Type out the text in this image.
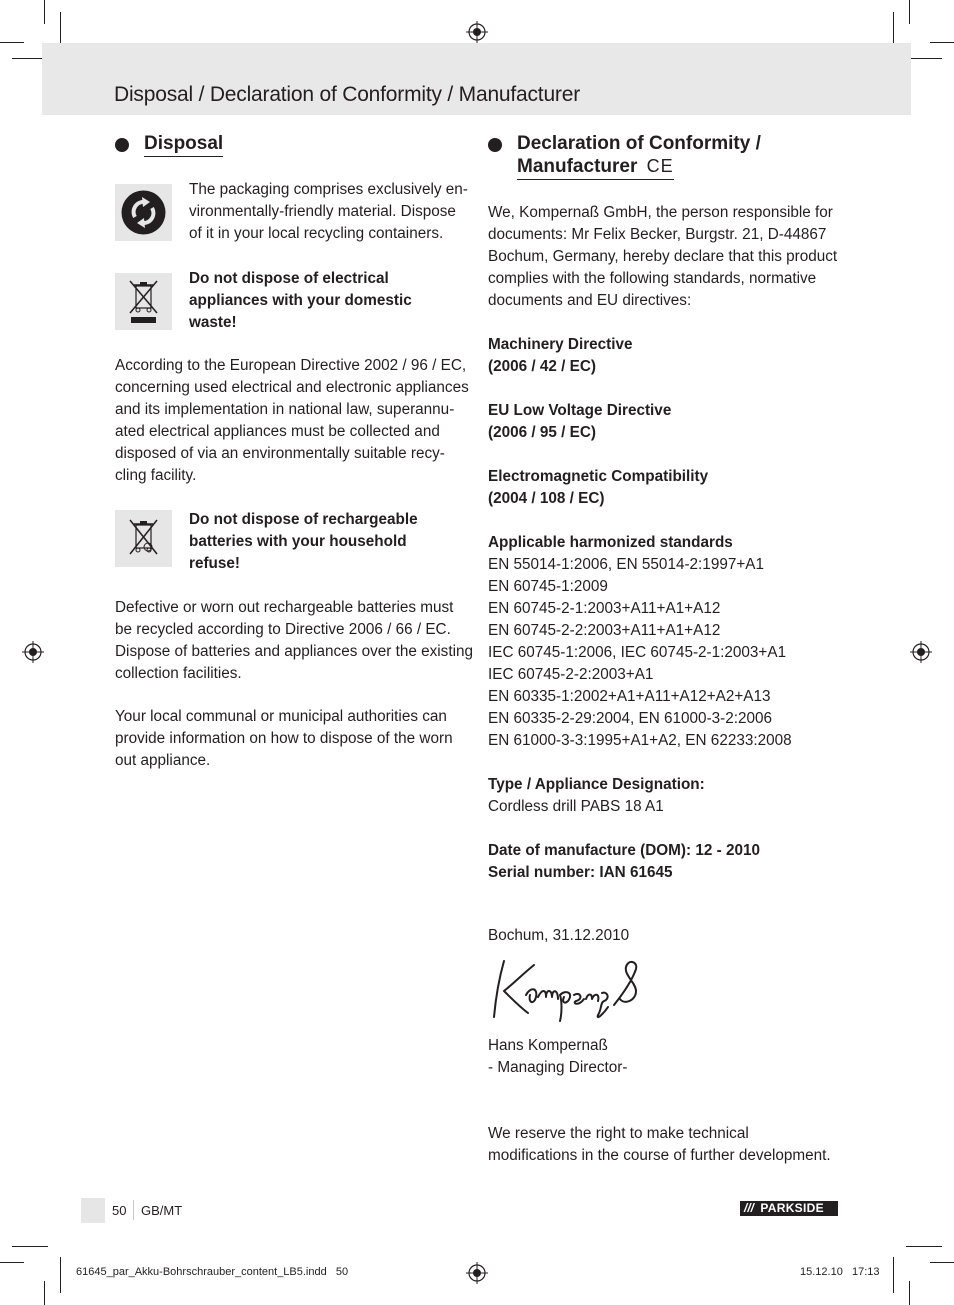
Disposal / Declaration of Conformity / Manufacturer
Disposal
The packaging comprises exclusively en-
vironmentally-friendly material. Dispose
of it in your local recycling containers.
Do not dispose of electrical
appliances with your domestic
waste!
According to the European Directive 2002 / 96 / EC,
concerning used electrical and electronic appliances
and its implementation in national law, superannu-
ated electrical appliances must be collected and
disposed of via an environmentally suitable recy-
cling facility.
Do not dispose of rechargeable
batteries with your household
refuse!
Defective or worn out rechargeable batteries must
be recycled according to Directive 2006 / 66 / EC.
Dispose of batteries and appliances over the existing
collection facilities.
Your local communal or municipal authorities can
provide information on how to dispose of the worn
out appliance.
Declaration of Conformity /
Manufacturer CE
We, Kompernaß GmbH, the person responsible for
documents: Mr Felix Becker, Burgstr. 21, D-44867
Bochum, Germany, hereby declare that this product
complies with the following standards, normative
documents and EU directives:
Machinery Directive
(2006 / 42 / EC)
EU Low Voltage Directive
(2006 / 95 / EC)
Electromagnetic Compatibility
(2004 / 108 / EC)
Applicable harmonized standards
EN 55014-1:2006, EN 55014-2:1997+A1
EN 60745-1:2009
EN 60745-2-1:2003+A11+A1+A12
EN 60745-2-2:2003+A11+A1+A12
IEC 60745-1:2006, IEC 60745-2-1:2003+A1
IEC 60745-2-2:2003+A1
EN 60335-1:2002+A1+A11+A12+A2+A13
EN 60335-2-29:2004, EN 61000-3-2:2006
EN 61000-3-3:1995+A1+A2, EN 62233:2008
Type / Appliance Designation:
Cordless drill PABS 18 A1
Date of manufacture (DOM): 12 - 2010
Serial number: IAN 61645
Bochum, 31.12.2010
Hans Kompernaß
- Managing Director-
We reserve the right to make technical
modifications in the course of further development.
50 GB/MT	/// PARKSIDE
61645_par_Akku-Bohrschrauber_content_LB5.indd   50	15.12.10   17:13
